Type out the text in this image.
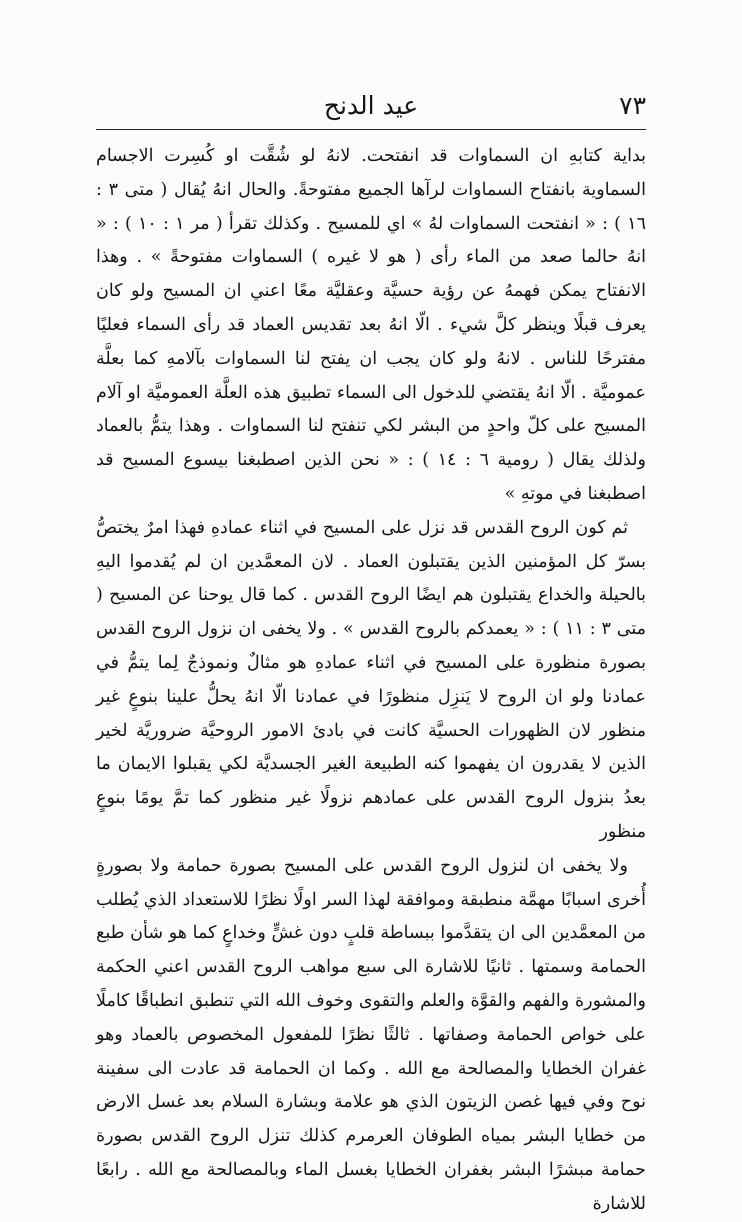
٧٣
عيد الدنح

بداية كتابهِ ان السماوات قد انفتحت. لانهُ لو شُقَّت او كُسِرت الاجسام السماوية بانفتاح السماوات لرآها الجميع مفتوحةً. والحال انهُ يُقال ( متى ٣ : ١٦ ) : « انفتحت السماوات لهُ » اي للمسيح . وكذلك تقرأ ( مر ١ : ١٠ ) : « انهُ حالما صعد من الماء رأى ( هو لا غيره ) السماوات مفتوحةً » . وهذا الانفتاح يمكن فهمهُ عن رؤية حسيَّة وعقليَّة معًا اعني ان المسيح ولو كان يعرف قبلًا وينظر كلَّ شيء . الّا انهُ بعد تقديس العماد قد رأى السماء فعليًا مفترحًا للناس . لانهُ ولو كان يجب ان يفتح لنا السماوات بآلامهِ كما بعلَّة عموميَّة . الّا انهُ يقتضي للدخول الى السماء تطبيق هذه العلَّة العموميَّة او آلام المسيح على كلّ واحدٍ من البشر لكي تنفتح لنا السماوات . وهذا يتمُّ بالعماد ولذلك يقال ( رومية ٦ : ١٤ ) : « نحن الذين اصطبغنا بيسوع المسيح قد اصطبغنا في موتهِ »

ثم كون الروح القدس قد نزل على المسيح في اثناء عمادهِ فهذا امرٌ يختصُّ بسرّ كل المؤمنين الذين يقتبلون العماد . لان المعمَّدين ان لم يُقدموا اليهِ بالحيلة والخداع يقتبلون هم ايضًا الروح القدس . كما قال يوحنا عن المسيح ( متى ٣ : ١١ ) : « يعمدكم بالروح القدس » . ولا يخفى ان نزول الروح القدس بصورة منظورة على المسيح في اثناء عمادهِ هو مثالٌ ونموذجٌ لِما يتمُّ في عمادنا ولو ان الروح لا يَنزِل منظورًا في عمادنا الّا انهُ يحلُّ علينا بنوعٍ غير منظور لان الظهورات الحسيَّة كانت في بادئ الامور الروحيَّة ضروريَّة لخير الذين لا يقدرون ان يفهموا كنه الطبيعة الغير الجسديَّة لكي يقبلوا الايمان ما بعدُ بنزول الروح القدس على عمادهم نزولًا غير منظور كما تمَّ يومًا بنوعٍ منظور

ولا يخفى ان لنزول الروح القدس على المسيح بصورة حمامة ولا بصورةٍ أُخرى اسبابًا مهمَّة منطبقة وموافقة لهذا السر اولًا نظرًا للاستعداد الذي يُطلب من المعمَّدين الى ان يتقدَّموا ببساطة قلبٍ دون غشٍّ وخداعٍ كما هو شأن طبع الحمامة وسمتها . ثانيًا للاشارة الى سبع مواهب الروح القدس اعني الحكمة والمشورة والفهم والقوَّة والعلم والتقوى وخوف الله التي تنطبق انطباقًا كاملًا على خواص الحمامة وصفاتها . ثالثًا نظرًا للمفعول المخصوص بالعماد وهو غفران الخطايا والمصالحة مع الله . وكما ان الحمامة قد عادت الى سفينة نوح وفي فيها غصن الزيتون الذي هو علامة وبشارة السلام بعد غسل الارض من خطايا البشر بمياه الطوفان العرمرم كذلك تنزل الروح القدس بصورة حمامة مبشرًا البشر بغفران الخطايا بغسل الماء وبالمصالحة مع الله . رابعًا للاشارة
